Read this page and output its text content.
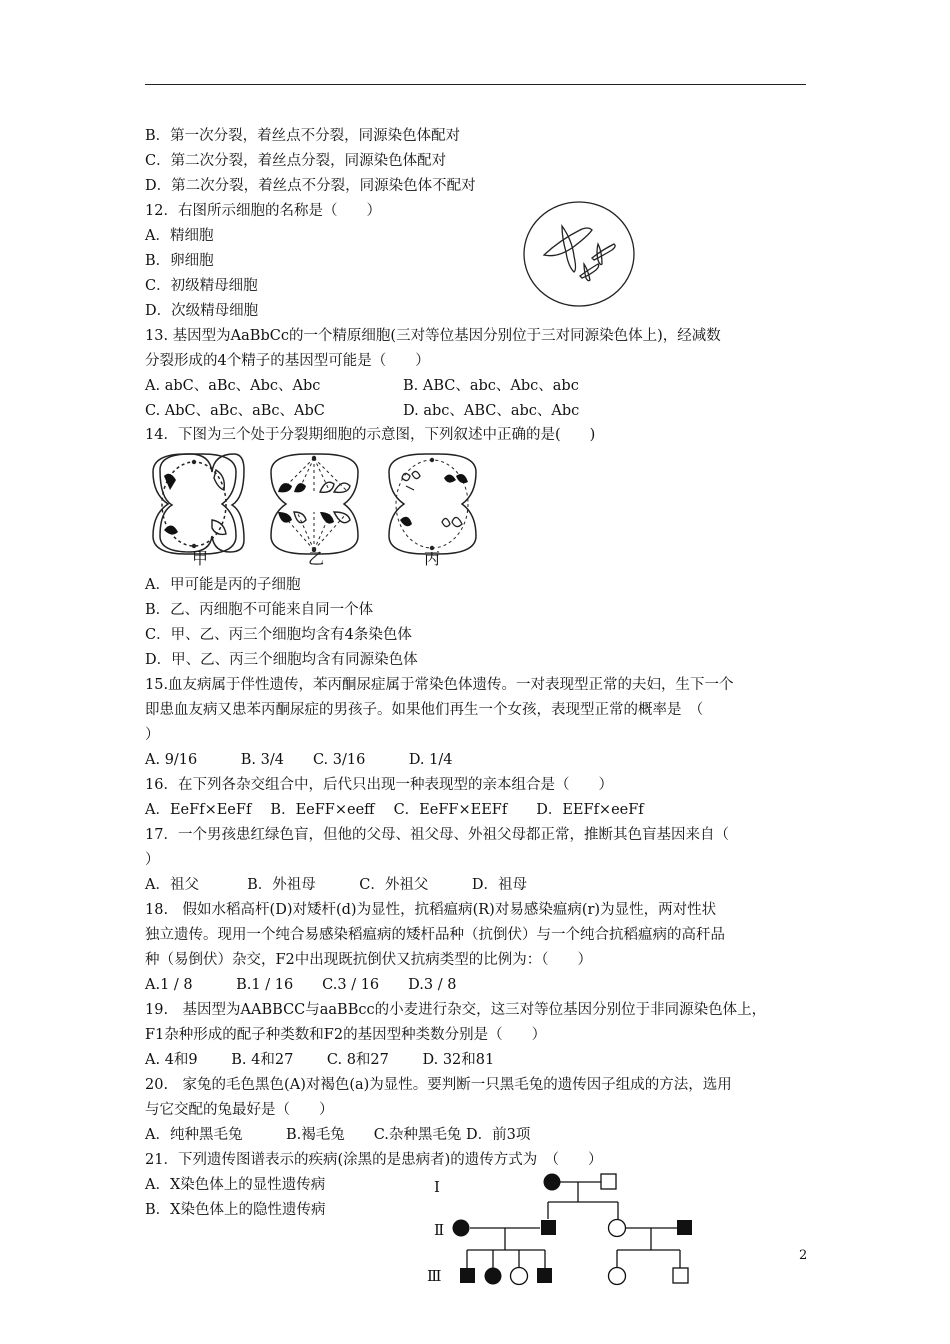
B．第一次分裂，着丝点不分裂，同源染色体配对
C．第二次分裂，着丝点分裂，同源染色体配对
D．第二次分裂，着丝点不分裂，同源染色体不配对
12．右图所示细胞的名称是（　　）
A．精细胞
B．卵细胞
C．初级精母细胞
D．次级精母细胞
13. 基因型为AaBbCc的一个精原细胞(三对等位基因分别位于三对同源染色体上)，经减数
分裂形成的4个精子的基因型可能是（　　）
A. abC、aBc、Abc、Abc	B. ABC、abc、Abc、abc
C. AbC、aBc、aBc、AbC	D. abc、ABC、abc、Abc
14．下图为三个处于分裂期细胞的示意图，下列叙述中正确的是(　　)
甲	乙	丙
A．甲可能是丙的子细胞
B．乙、丙细胞不可能来自同一个体
C．甲、乙、丙三个细胞均含有4条染色体
D．甲、乙、丙三个细胞均含有同源染色体
15.血友病属于伴性遗传，苯丙酮尿症属于常染色体遗传。一对表现型正常的夫妇，生下一个
即患血友病又患苯丙酮尿症的男孩子。如果他们再生一个女孩，表现型正常的概率是　（
）
A. 9/16　　　B. 3/4　　C. 3/16　　　D. 1/4
16．在下列各杂交组合中，后代只出现一种表现型的亲本组合是（　　）
A．EeFf×EeFf　 B．EeFF×eeff　 C．EeFF×EEFf　　D．EEFf×eeFf
17．一个男孩患红绿色盲，但他的父母、祖父母、外祖父母都正常，推断其色盲基因来自（
）
A．祖父　　　 B．外祖母　　　C．外祖父　　　D．祖母
18.　假如水稻高杆(D)对矮杆(d)为显性，抗稻瘟病(R)对易感染瘟病(r)为显性，两对性状
独立遗传。现用一个纯合易感染稻瘟病的矮杆品种（抗倒伏）与一个纯合抗稻瘟病的高秆品
种（易倒伏）杂交，F2中出现既抗倒伏又抗病类型的比例为：（　　）
A.1 / 8　　　B.1 / 16　　C.3 / 16　　D.3 / 8
19.　基因型为AABBCC与aaBBcc的小麦进行杂交，这三对等位基因分别位于非同源染色体上，
F1杂种形成的配子种类数和F2的基因型种类数分别是（　　）
A. 4和9　　 B. 4和27　　 C. 8和27　　 D. 32和81
20.　家兔的毛色黑色(A)对褐色(a)为显性。要判断一只黑毛兔的遗传因子组成的方法，选用
与它交配的兔最好是（　　）
A．纯种黑毛兔　　　B.褐毛兔　　C.杂种黑毛兔 D．前3项
21．下列遗传图谱表示的疾病(涂黑的是患病者)的遗传方式为　（　　）
A．X染色体上的显性遗传病
B．X染色体上的隐性遗传病
Ⅰ
Ⅱ
Ⅲ
2
